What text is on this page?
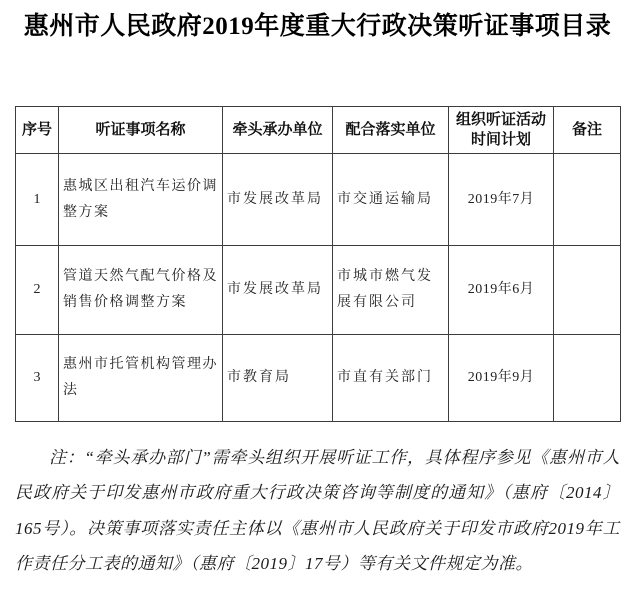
惠州市人民政府2019年度重大行政决策听证事项目录
序号	听证事项名称	牵头承办单位	配合落实单位	组织听证活动时间计划	备注
1	惠城区出租汽车运价调整方案	市发展改革局	市交通运输局	2019年7月	
2	管道天然气配气价格及销售价格调整方案	市发展改革局	市城市燃气发展有限公司	2019年6月	
3	惠州市托管机构管理办法	市教育局	市直有关部门	2019年9月	

注：“牵头承办部门”需牵头组织开展听证工作，具体程序参见《惠州市人民政府关于印发惠州市政府重大行政决策咨询等制度的通知》（惠府〔2014〕165号）。决策事项落实责任主体以《惠州市人民政府关于印发市政府2019年工作责任分工表的通知》（惠府〔2019〕17号）等有关文件规定为准。
